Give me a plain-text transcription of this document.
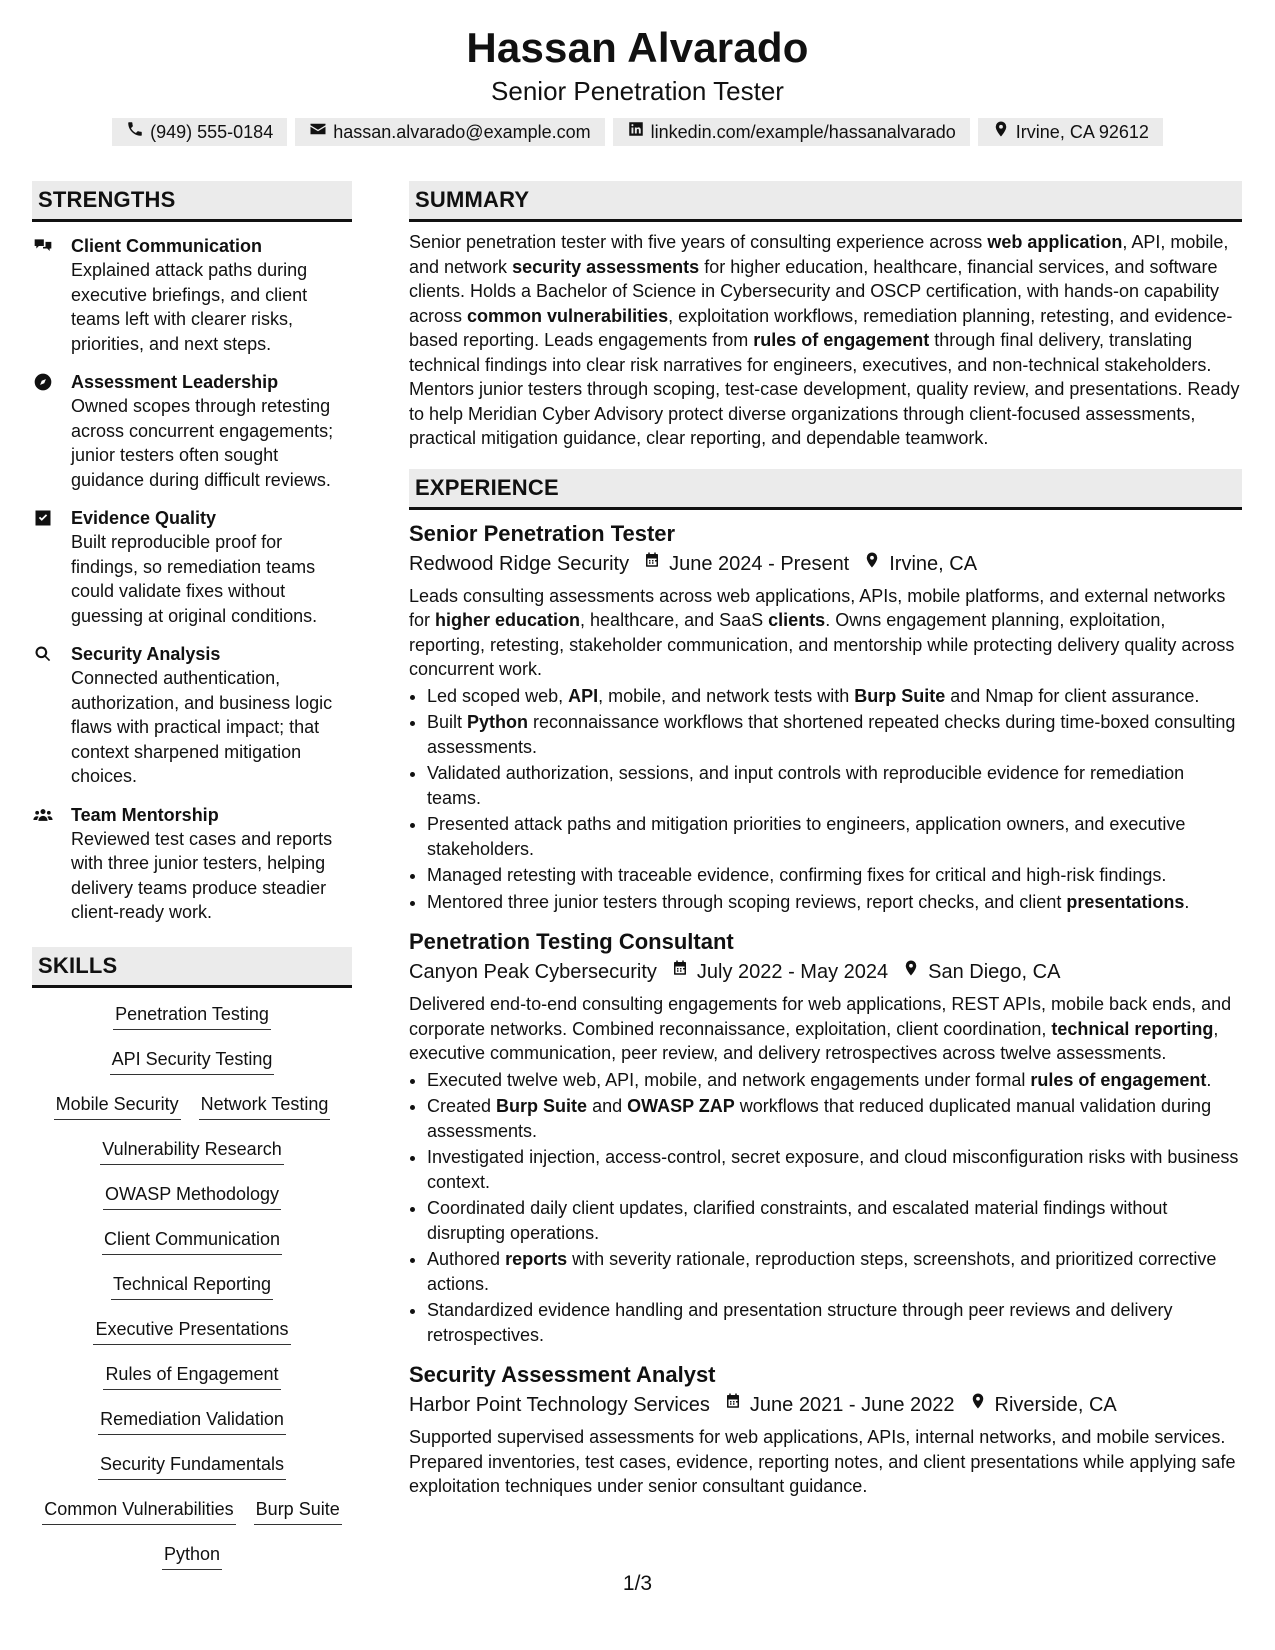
Hassan Alvarado
Senior Penetration Tester
(949) 555-0184	hassan.alvarado@example.com	linkedin.com/example/hassanalvarado	Irvine, CA 92612
STRENGTHS
Client Communication
Explained attack paths during executive briefings, and client teams left with clearer risks, priorities, and next steps.
Assessment Leadership
Owned scopes through retesting across concurrent engagements; junior testers often sought guidance during difficult reviews.
Evidence Quality
Built reproducible proof for findings, so remediation teams could validate fixes without guessing at original conditions.
Security Analysis
Connected authentication, authorization, and business logic flaws with practical impact; that context sharpened mitigation choices.
Team Mentorship
Reviewed test cases and reports with three junior testers, helping delivery teams produce steadier client-ready work.
SKILLS
Penetration Testing
API Security Testing
Mobile Security Network Testing
Vulnerability Research
OWASP Methodology
Client Communication
Technical Reporting
Executive Presentations
Rules of Engagement
Remediation Validation
Security Fundamentals
Common Vulnerabilities Burp Suite
Python
SUMMARY
Senior penetration tester with five years of consulting experience across web application, API, mobile, and network security assessments for higher education, healthcare, financial services, and software clients. Holds a Bachelor of Science in Cybersecurity and OSCP certification, with hands-on capability across common vulnerabilities, exploitation workflows, remediation planning, retesting, and evidence-based reporting. Leads engagements from rules of engagement through final delivery, translating technical findings into clear risk narratives for engineers, executives, and non-technical stakeholders. Mentors junior testers through scoping, test-case development, quality review, and presentations. Ready to help Meridian Cyber Advisory protect diverse organizations through client-focused assessments, practical mitigation guidance, clear reporting, and dependable teamwork.
EXPERIENCE
Senior Penetration Tester
Redwood Ridge Security June 2024 - Present Irvine, CA
Leads consulting assessments across web applications, APIs, mobile platforms, and external networks for higher education, healthcare, and SaaS clients. Owns engagement planning, exploitation, reporting, retesting, stakeholder communication, and mentorship while protecting delivery quality across concurrent work.
• Led scoped web, API, mobile, and network tests with Burp Suite and Nmap for client assurance.
• Built Python reconnaissance workflows that shortened repeated checks during time-boxed consulting assessments.
• Validated authorization, sessions, and input controls with reproducible evidence for remediation teams.
• Presented attack paths and mitigation priorities to engineers, application owners, and executive stakeholders.
• Managed retesting with traceable evidence, confirming fixes for critical and high-risk findings.
• Mentored three junior testers through scoping reviews, report checks, and client presentations.
Penetration Testing Consultant
Canyon Peak Cybersecurity July 2022 - May 2024 San Diego, CA
Delivered end-to-end consulting engagements for web applications, REST APIs, mobile back ends, and corporate networks. Combined reconnaissance, exploitation, client coordination, technical reporting, executive communication, peer review, and delivery retrospectives across twelve assessments.
• Executed twelve web, API, mobile, and network engagements under formal rules of engagement.
• Created Burp Suite and OWASP ZAP workflows that reduced duplicated manual validation during assessments.
• Investigated injection, access-control, secret exposure, and cloud misconfiguration risks with business context.
• Coordinated daily client updates, clarified constraints, and escalated material findings without disrupting operations.
• Authored reports with severity rationale, reproduction steps, screenshots, and prioritized corrective actions.
• Standardized evidence handling and presentation structure through peer reviews and delivery retrospectives.
Security Assessment Analyst
Harbor Point Technology Services June 2021 - June 2022 Riverside, CA
Supported supervised assessments for web applications, APIs, internal networks, and mobile services. Prepared inventories, test cases, evidence, reporting notes, and client presentations while applying safe exploitation techniques under senior consultant guidance.
1/3
